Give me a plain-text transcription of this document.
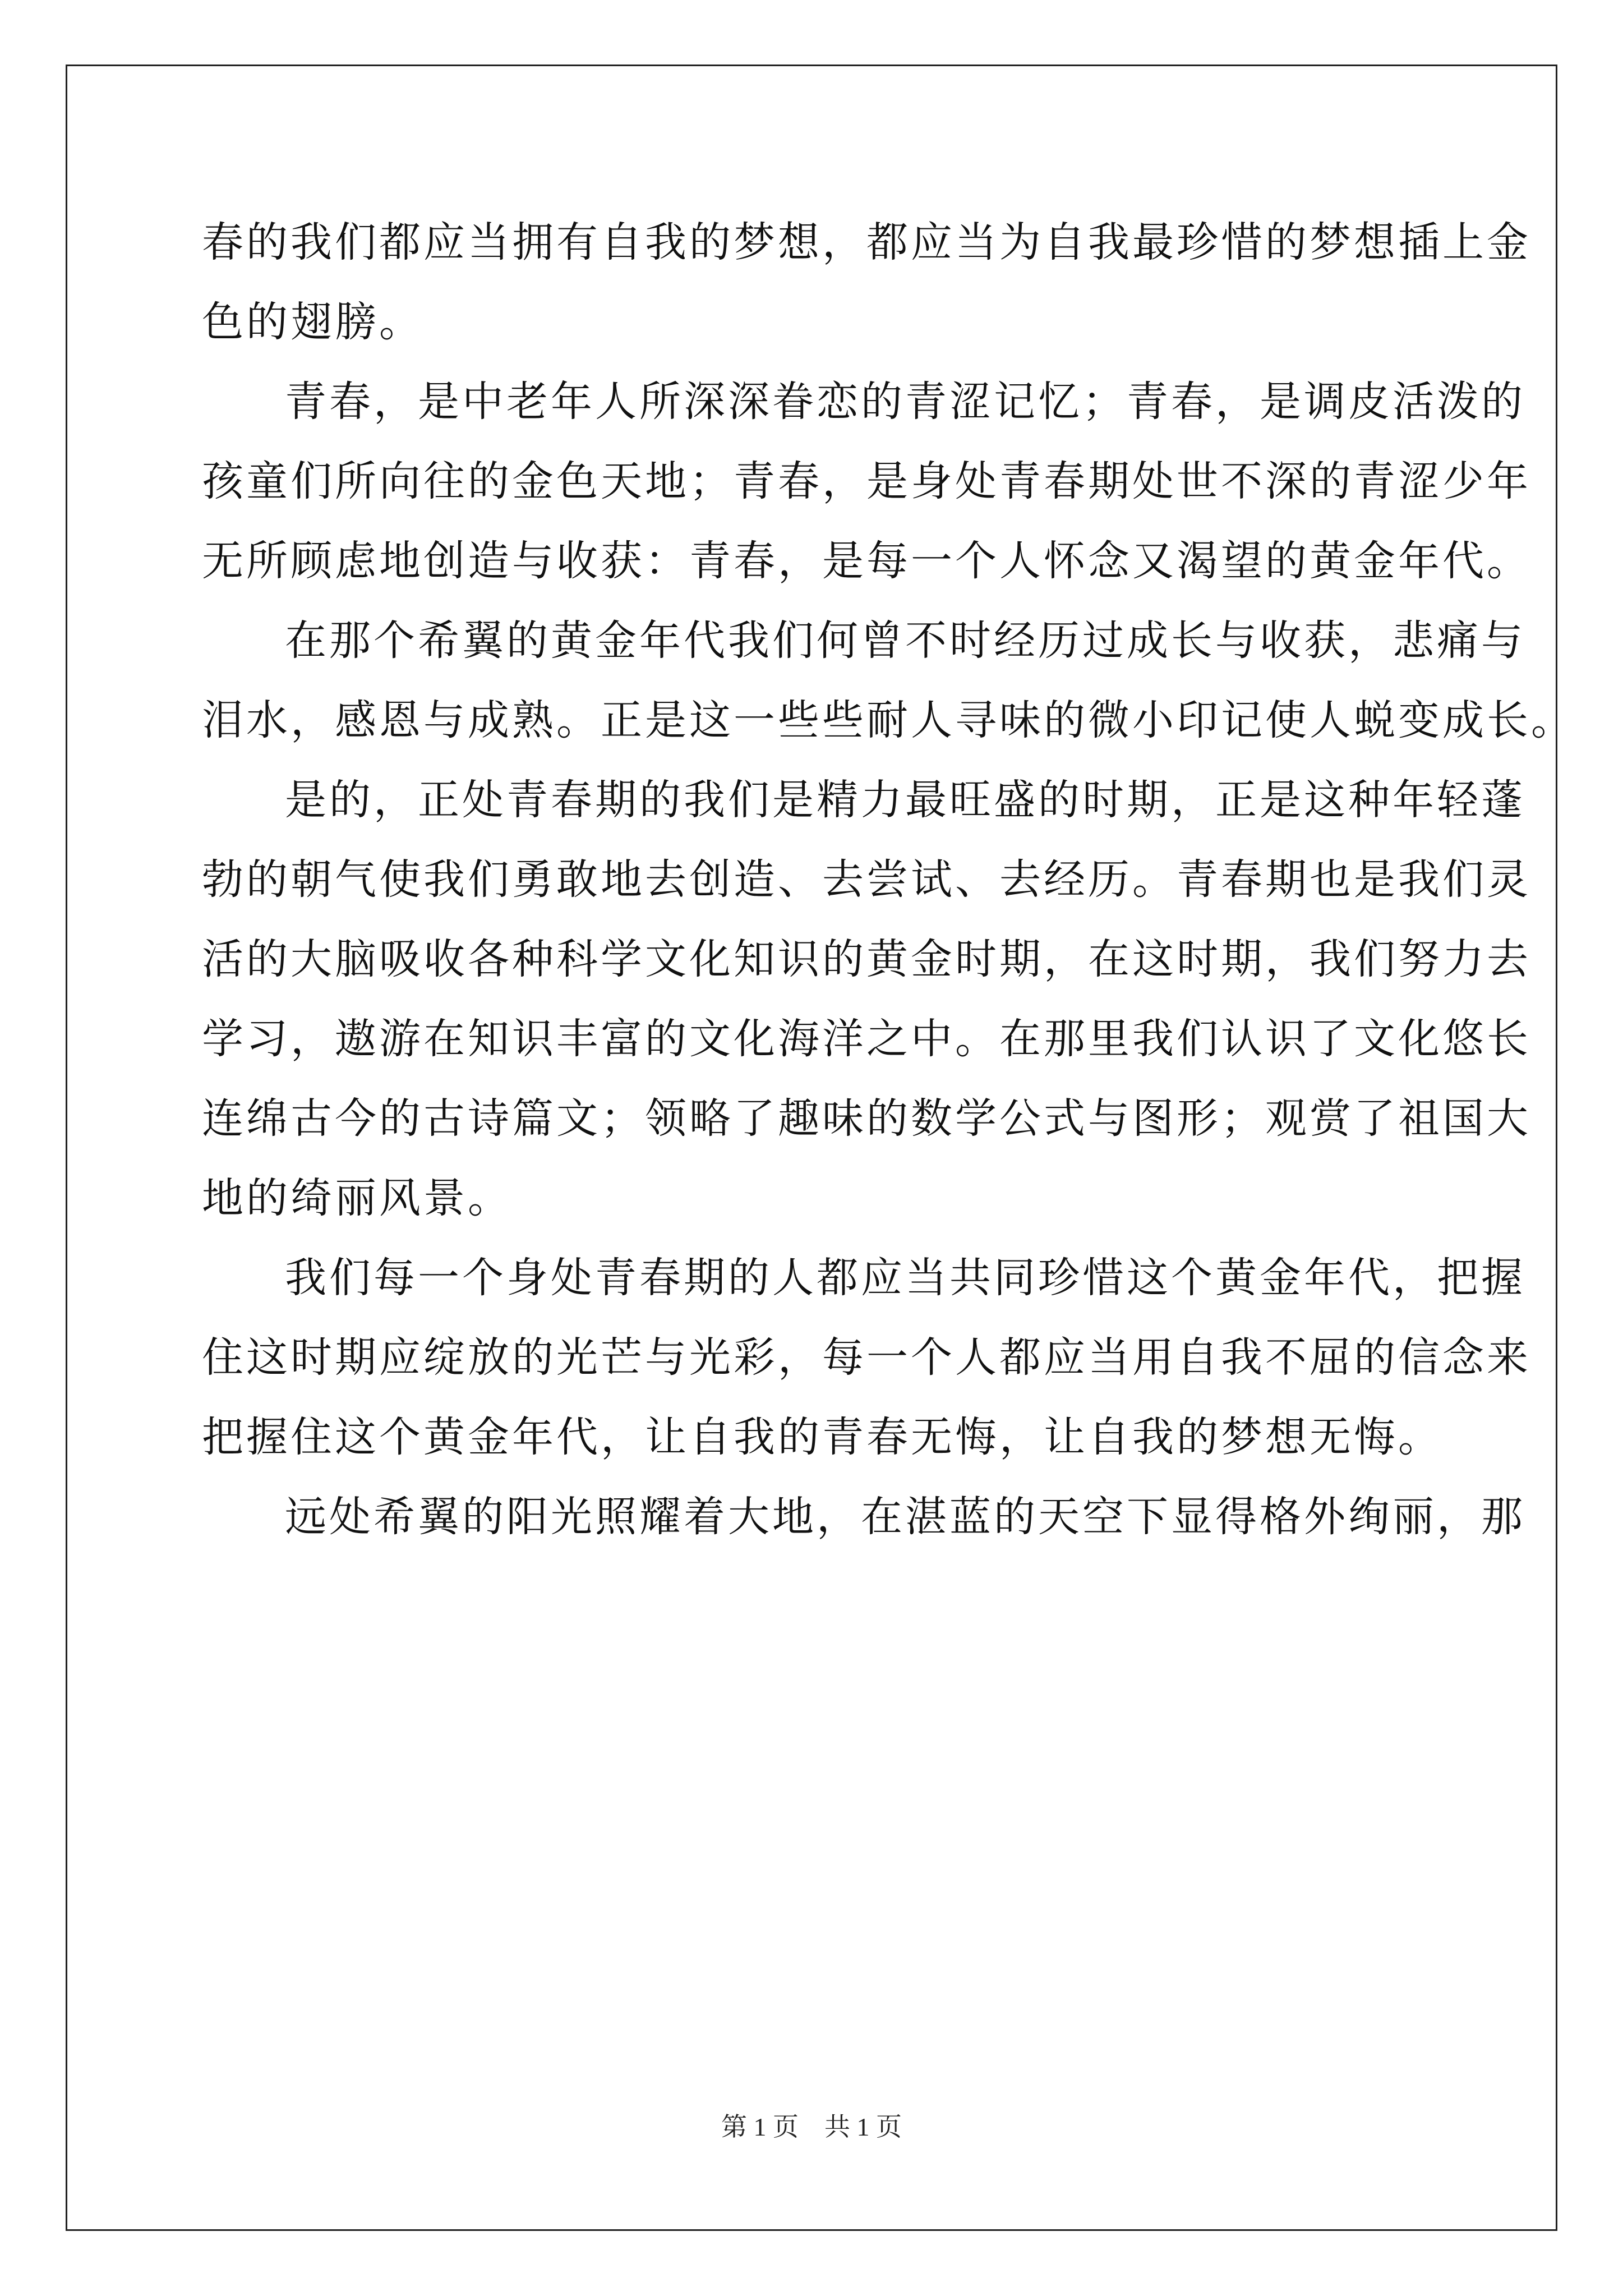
春的我们都应当拥有自我的梦想，都应当为自我最珍惜的梦想插上金
色的翅膀。
青春，是中老年人所深深眷恋的青涩记忆；青春，是调皮活泼的
孩童们所向往的金色天地；青春，是身处青春期处世不深的青涩少年
无所顾虑地创造与收获：青春，是每一个人怀念又渴望的黄金年代。
在那个希翼的黄金年代我们何曾不时经历过成长与收获，悲痛与
泪水，感恩与成熟。正是这一些些耐人寻味的微小印记使人蜕变成长。
是的，正处青春期的我们是精力最旺盛的时期，正是这种年轻蓬
勃的朝气使我们勇敢地去创造、去尝试、去经历。青春期也是我们灵
活的大脑吸收各种科学文化知识的黄金时期，在这时期，我们努力去
学习，遨游在知识丰富的文化海洋之中。在那里我们认识了文化悠长
连绵古今的古诗篇文；领略了趣味的数学公式与图形；观赏了祖国大
地的绮丽风景。
我们每一个身处青春期的人都应当共同珍惜这个黄金年代，把握
住这时期应绽放的光芒与光彩，每一个人都应当用自我不屈的信念来
把握住这个黄金年代，让自我的青春无悔，让自我的梦想无悔。
远处希翼的阳光照耀着大地，在湛蓝的天空下显得格外绚丽，那
第 1 页　共 1 页
